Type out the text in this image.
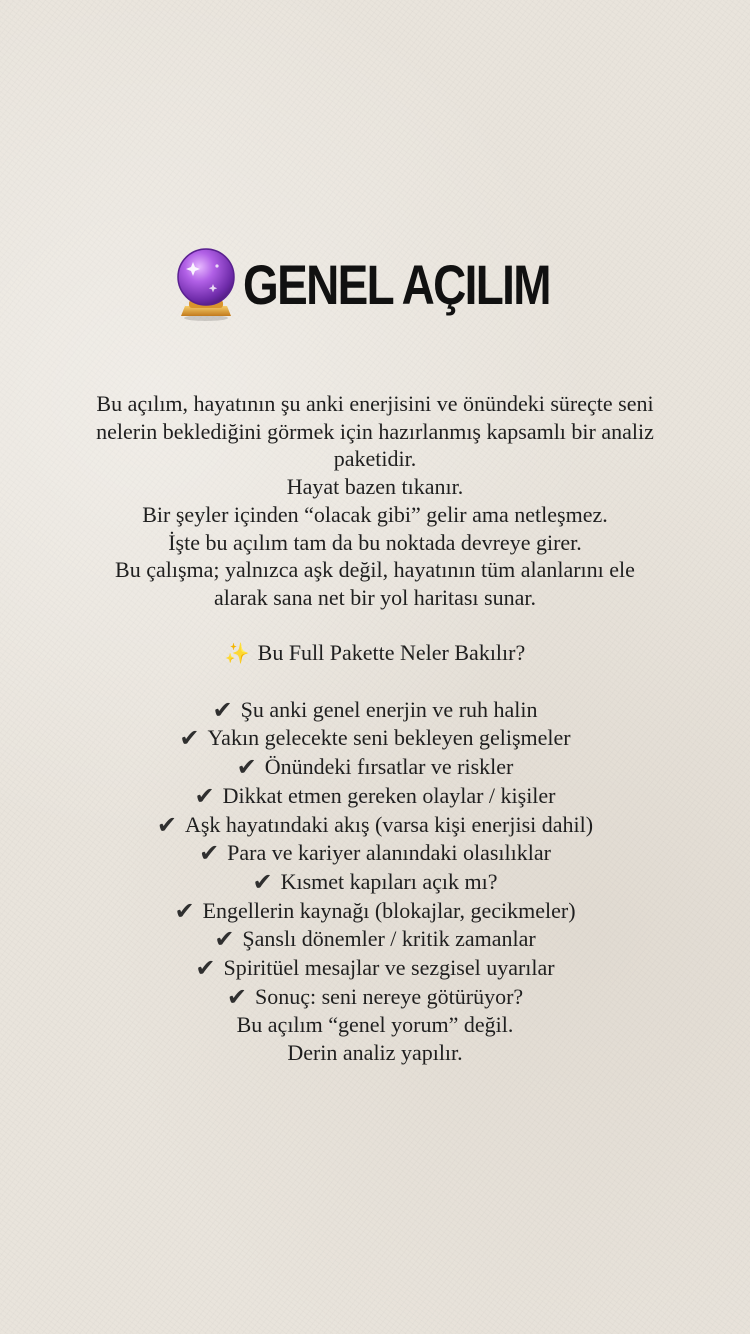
GENEL AÇILIM
Bu açılım, hayatının şu anki enerjisini ve önündeki süreçte seni
nelerin beklediğini görmek için hazırlanmış kapsamlı bir analiz
paketidir.
Hayat bazen tıkanır.
Bir şeyler içinden “olacak gibi” gelir ama netleşmez.
İşte bu açılım tam da bu noktada devreye girer.
Bu çalışma; yalnızca aşk değil, hayatının tüm alanlarını ele
alarak sana net bir yol haritası sunar.
✨ Bu Full Pakette Neler Bakılır?
✔ Şu anki genel enerjin ve ruh halin
✔ Yakın gelecekte seni bekleyen gelişmeler
✔ Önündeki fırsatlar ve riskler
✔ Dikkat etmen gereken olaylar / kişiler
✔ Aşk hayatındaki akış (varsa kişi enerjisi dahil)
✔ Para ve kariyer alanındaki olasılıklar
✔ Kısmet kapıları açık mı?
✔ Engellerin kaynağı (blokajlar, gecikmeler)
✔ Şanslı dönemler / kritik zamanlar
✔ Spiritüel mesajlar ve sezgisel uyarılar
✔ Sonuç: seni nereye götürüyor?
Bu açılım “genel yorum” değil.
Derin analiz yapılır.
